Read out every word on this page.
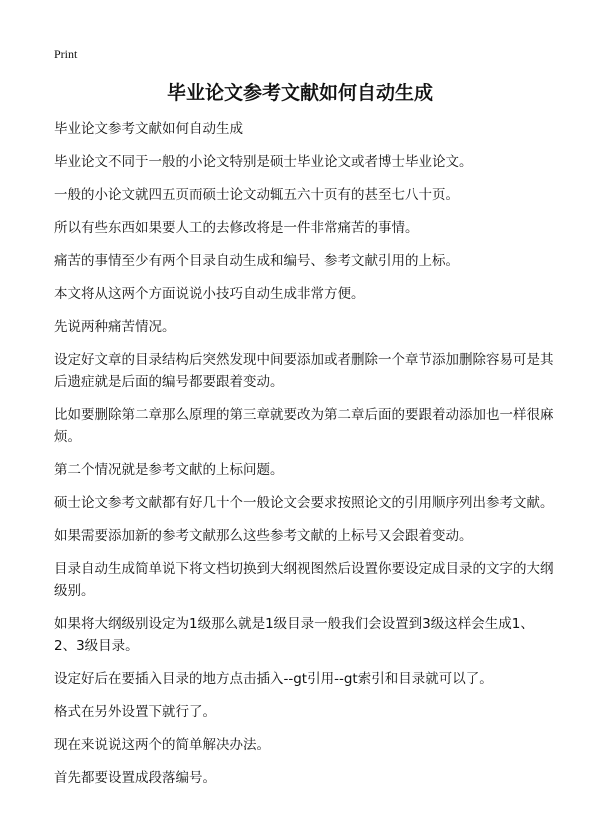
Print
毕业论文参考文献如何自动生成

毕业论文参考文献如何自动生成

毕业论文不同于一般的小论文特别是硕士毕业论文或者博士毕业论文。

一般的小论文就四五页而硕士论文动辄五六十页有的甚至七八十页。

所以有些东西如果要人工的去修改将是一件非常痛苦的事情。

痛苦的事情至少有两个目录自动生成和编号、参考文献引用的上标。

本文将从这两个方面说说小技巧自动生成非常方便。

先说两种痛苦情况。

设定好文章的目录结构后突然发现中间要添加或者删除一个章节添加删除容易可是其后遗症就是后面的编号都要跟着变动。

比如要删除第二章那么原理的第三章就要改为第二章后面的要跟着动添加也一样很麻烦。

第二个情况就是参考文献的上标问题。

硕士论文参考文献都有好几十个一般论文会要求按照论文的引用顺序列出参考文献。

如果需要添加新的参考文献那么这些参考文献的上标号又会跟着变动。

目录自动生成简单说下将文档切换到大纲视图然后设置你要设定成目录的文字的大纲级别。

如果将大纲级别设定为1级那么就是1级目录一般我们会设置到3级这样会生成1、2、3级目录。

设定好后在要插入目录的地方点击插入--gt引用--gt索引和目录就可以了。

格式在另外设置下就行了。

现在来说说这两个的简单解决办法。

首先都要设置成段落编号。
